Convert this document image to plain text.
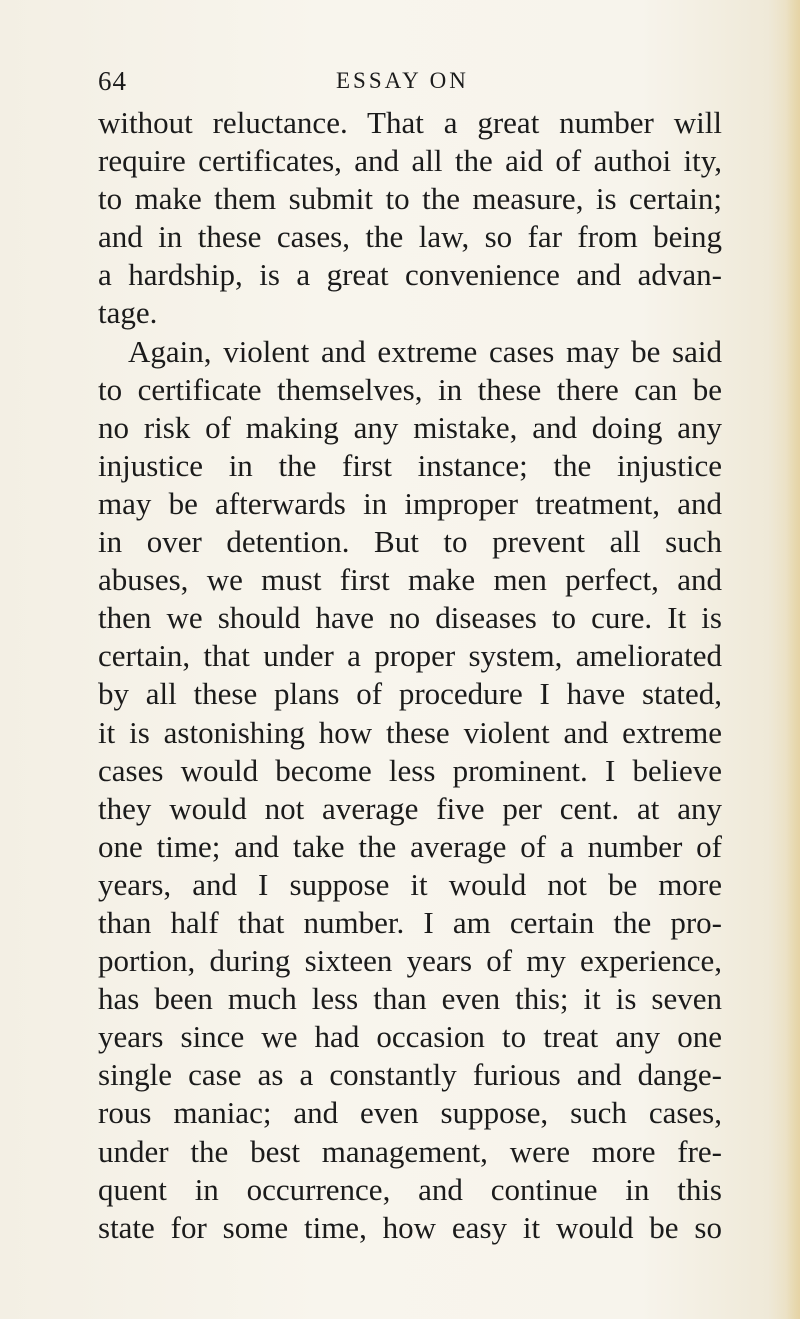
64	ESSAY ON
without reluctance. That a great number will
require certificates, and all the aid of authoi ity,
to make them submit to the measure, is certain;
and in these cases, the law, so far from being
a hardship, is a great convenience and advan-
tage.
Again, violent and extreme cases may be said
to certificate themselves, in these there can be
no risk of making any mistake, and doing any
injustice in the first instance; the injustice
may be afterwards in improper treatment, and
in over detention. But to prevent all such
abuses, we must first make men perfect, and
then we should have no diseases to cure. It is
certain, that under a proper system, ameliorated
by all these plans of procedure I have stated,
it is astonishing how these violent and extreme
cases would become less prominent. I believe
they would not average five per cent. at any
one time; and take the average of a number of
years, and I suppose it would not be more
than half that number. I am certain the pro-
portion, during sixteen years of my experience,
has been much less than even this; it is seven
years since we had occasion to treat any one
single case as a constantly furious and dange-
rous maniac; and even suppose, such cases,
under the best management, were more fre-
quent in occurrence, and continue in this
state for some time, how easy it would be so
